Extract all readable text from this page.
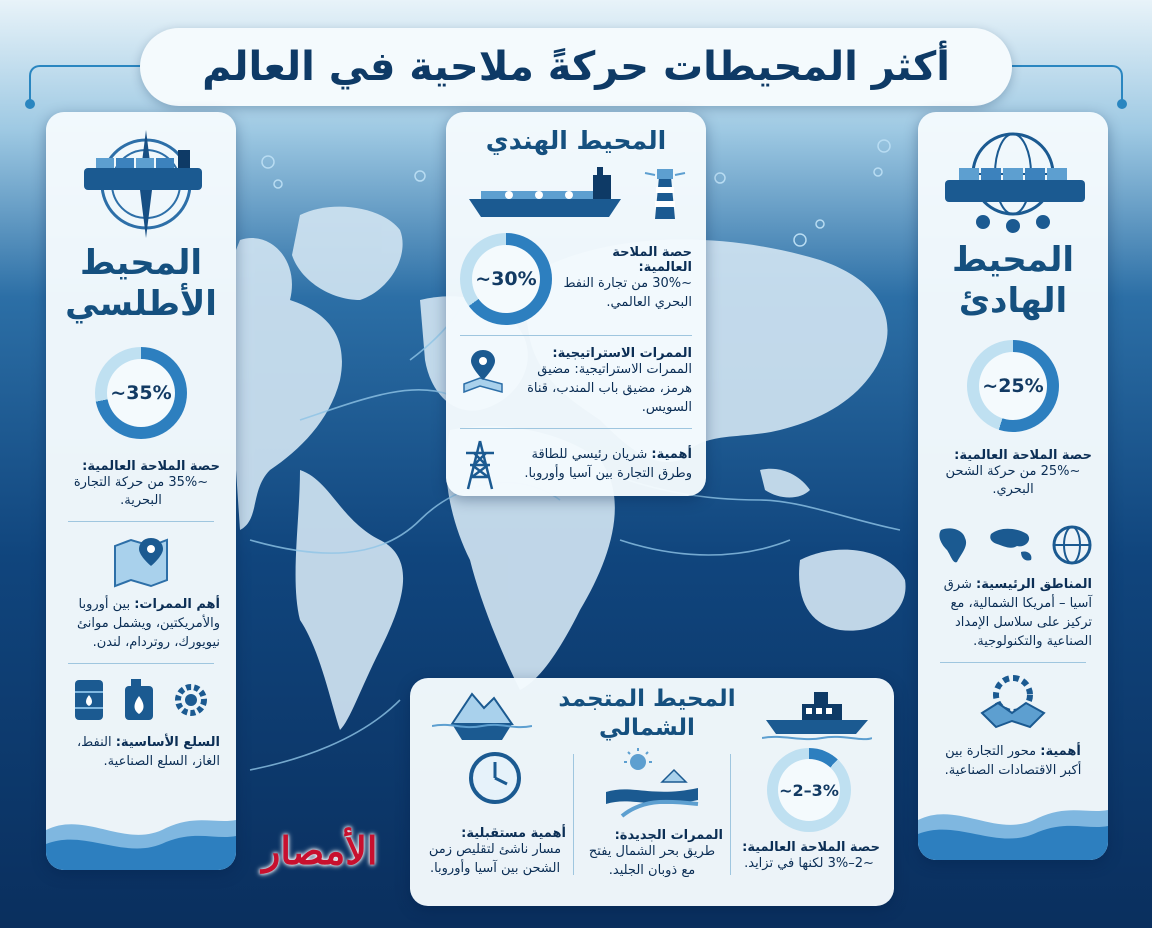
أكثر المحيطات حركةً ملاحية في العالم
المحيط
الأطلسي
~35%
حصة الملاحة العالمية:
~35% من حركة التجارة البحرية.
أهم الممرات: بين أوروبا والأمريكتين، ويشمل موانئ نيويورك، روتردام، لندن.
السلع الأساسية: النفط، الغاز، السلع الصناعية.
المحيط
الهادئ
~25%
حصة الملاحة العالمية:
~25% من حركة الشحن البحري.
المناطق الرئيسية: شرق آسيا – أمريكا الشمالية، مع تركيز على سلاسل الإمداد الصناعية والتكنولوجية.
أهمية: محور التجارة بين أكبر الاقتصادات الصناعية.
المحيط الهندي
حصة الملاحة العالمية:
~30% من تجارة النفط البحري العالمي.
~30%
الممرات الاستراتيجية:
الممرات الاستراتيجية: مضيق هرمز، مضيق باب المندب، قناة السويس.
أهمية: شريان رئيسي للطاقة وطرق التجارة بين آسيا وأوروبا.
المحيط المتجمد
الشمالي
~2–3%
حصة الملاحة العالمية:
~2–3% لكنها في تزايد.
الممرات الجديدة:
طريق بحر الشمال يفتح مع ذوبان الجليد.
أهمية مستقبلية:
مسار ناشئ لتقليص زمن الشحن بين آسيا وأوروبا.
الأمصار
